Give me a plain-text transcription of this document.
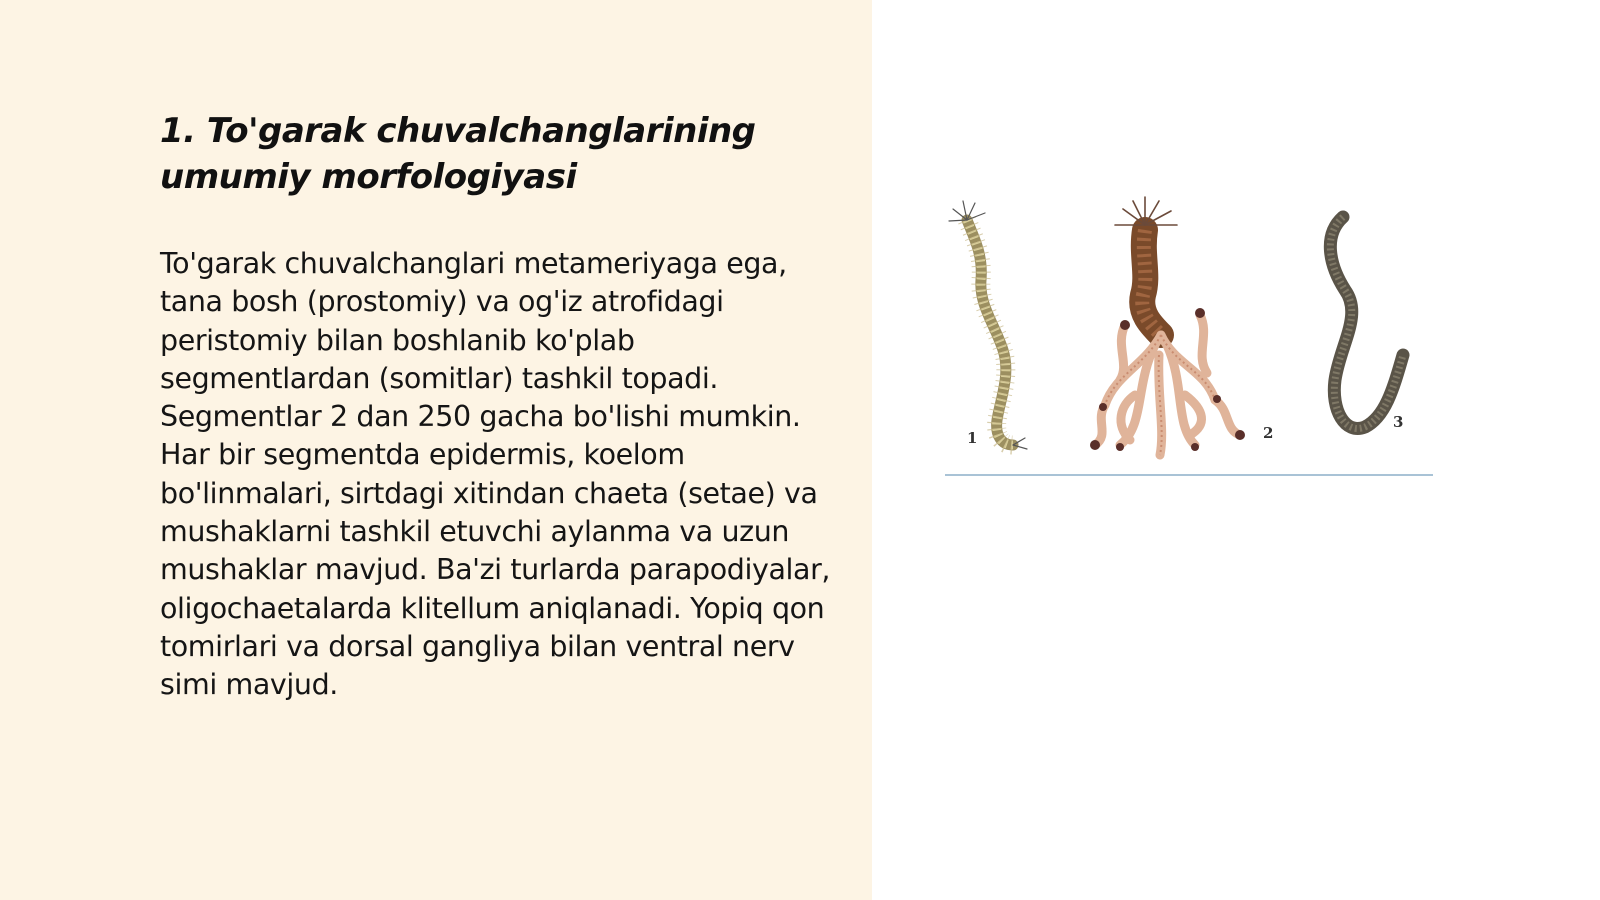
1. To'garak chuvalchanglarining
umumiy morfologiyasi

To'garak chuvalchanglari metameriyaga ega, tana bosh (prostomiy) va og'iz atrofidagi peristomiy bilan boshlanib ko'plab segmentlardan (somitlar) tashkil topadi. Segmentlar 2 dan 250 gacha bo'lishi mumkin. Har bir segmentda epidermis, koelom bo'linmalari, sirtdagi xitindan chaeta (setae) va mushaklarni tashkil etuvchi aylanma va uzun mushaklar mavjud. Ba'zi turlarda parapodiyalar, oligochaetalarda klitellum aniqlanadi. Yopiq qon tomirlari va dorsal gangliya bilan ventral nerv simi mavjud.

1	2
3
